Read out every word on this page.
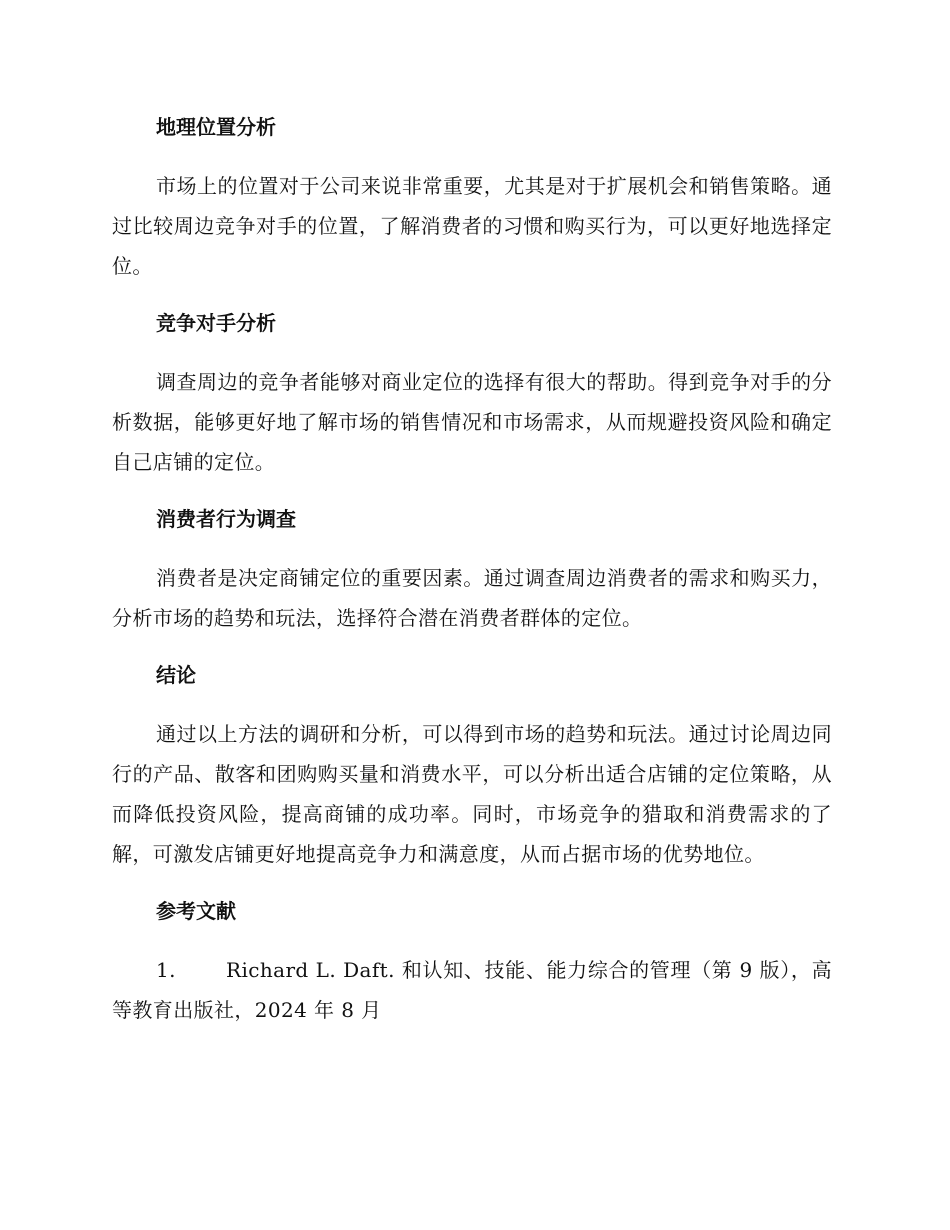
地理位置分析

市场上的位置对于公司来说非常重要，尤其是对于扩展机会和销售策略。通过比较周边竞争对手的位置，了解消费者的习惯和购买行为，可以更好地选择定位。

竞争对手分析

调查周边的竞争者能够对商业定位的选择有很大的帮助。得到竞争对手的分析数据，能够更好地了解市场的销售情况和市场需求，从而规避投资风险和确定自己店铺的定位。

消费者行为调查

消费者是决定商铺定位的重要因素。通过调查周边消费者的需求和购买力，分析市场的趋势和玩法，选择符合潜在消费者群体的定位。

结论

通过以上方法的调研和分析，可以得到市场的趋势和玩法。通过讨论周边同行的产品、散客和团购购买量和消费水平，可以分析出适合店铺的定位策略，从而降低投资风险，提高商铺的成功率。同时，市场竞争的猎取和消费需求的了解，可激发店铺更好地提高竞争力和满意度，从而占据市场的优势地位。

参考文献

1.	Richard L. Daft. 和认知、技能、能力综合的管理（第 9 版），高等教育出版社，2024 年 8 月
